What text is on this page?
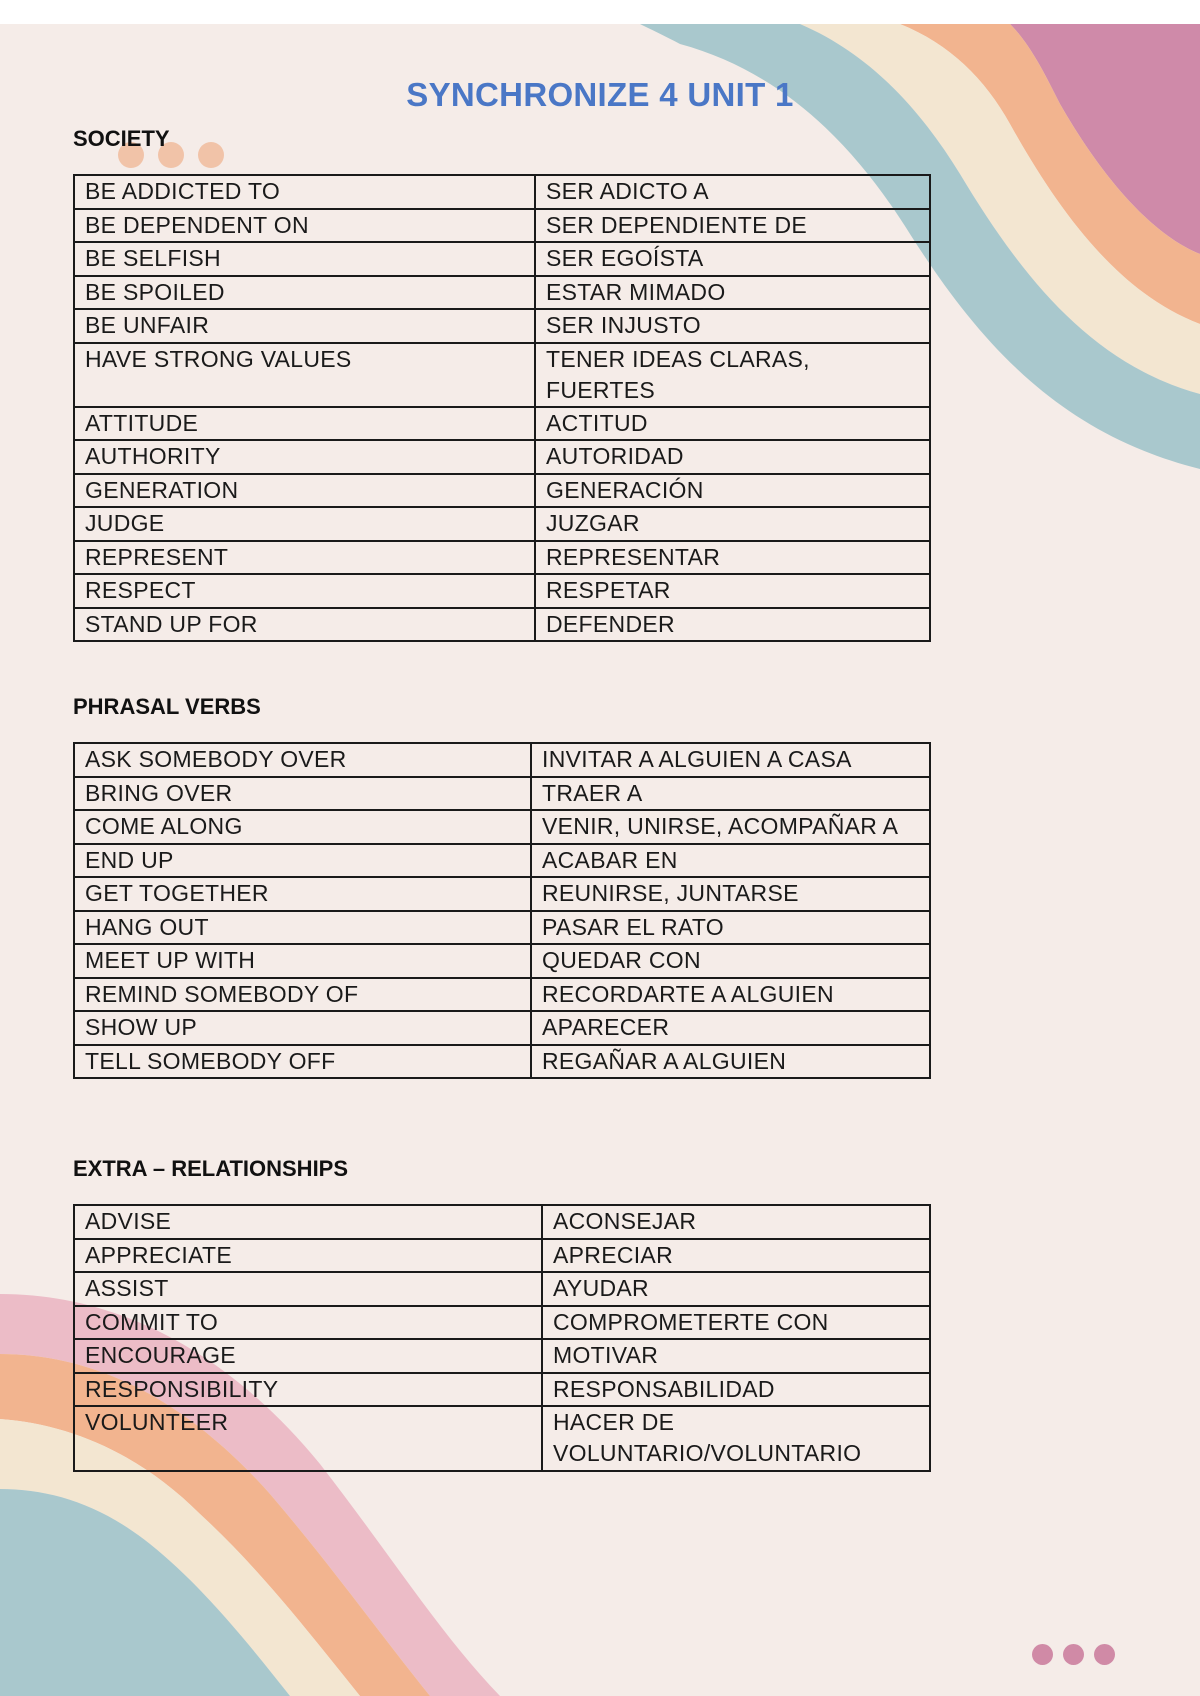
SYNCHRONIZE 4 UNIT 1
SOCIETY
BE ADDICTED TO	SER ADICTO A
BE DEPENDENT ON	SER DEPENDIENTE DE
BE SELFISH	SER EGOÍSTA
BE SPOILED	ESTAR MIMADO
BE UNFAIR	SER INJUSTO
HAVE STRONG VALUES	TENER IDEAS CLARAS, FUERTES
ATTITUDE	ACTITUD
AUTHORITY	AUTORIDAD
GENERATION	GENERACIÓN
JUDGE	JUZGAR
REPRESENT	REPRESENTAR
RESPECT	RESPETAR
STAND UP FOR	DEFENDER
PHRASAL VERBS
ASK SOMEBODY OVER	INVITAR A ALGUIEN A CASA
BRING OVER	TRAER A
COME ALONG	VENIR, UNIRSE, ACOMPAÑAR A
END UP	ACABAR EN
GET TOGETHER	REUNIRSE, JUNTARSE
HANG OUT	PASAR EL RATO
MEET UP WITH	QUEDAR CON
REMIND SOMEBODY OF	RECORDARTE A ALGUIEN
SHOW UP	APARECER
TELL SOMEBODY OFF	REGAÑAR A ALGUIEN
EXTRA – RELATIONSHIPS
ADVISE	ACONSEJAR
APPRECIATE	APRECIAR
ASSIST	AYUDAR
COMMIT TO	COMPROMETERTE CON
ENCOURAGE	MOTIVAR
RESPONSIBILITY	RESPONSABILIDAD
VOLUNTEER	HACER DE VOLUNTARIO/VOLUNTARIO
